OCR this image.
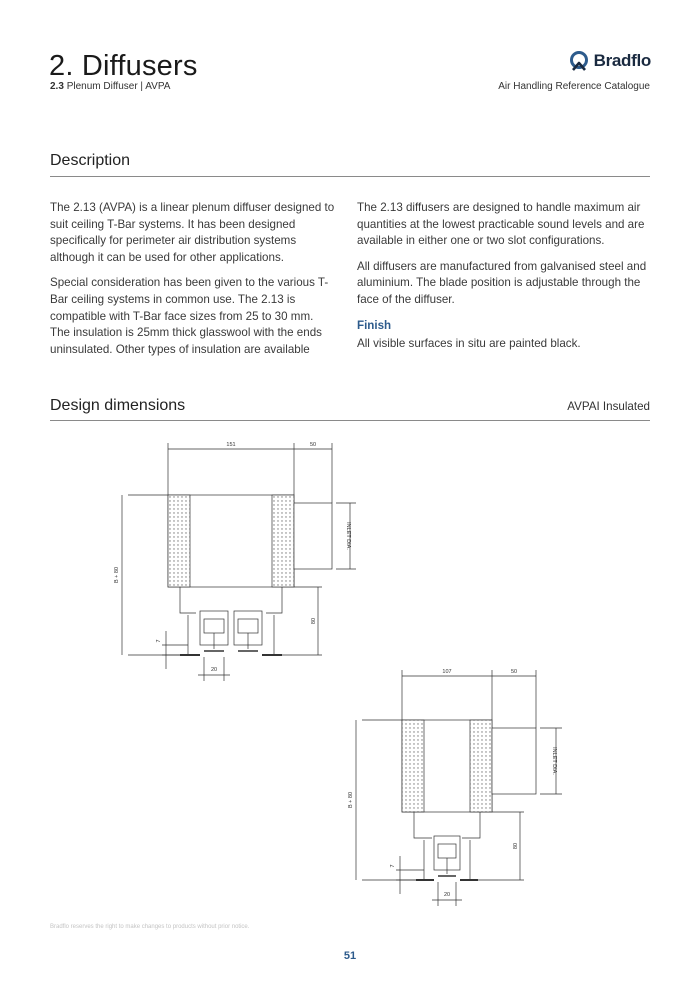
2. Diffusers
2.3 Plenum Diffuser | AVPA
Bradflo
Air Handling Reference Catalogue
Description

The 2.13 (AVPA) is a linear plenum diffuser designed to suit ceiling T-Bar systems. It has been designed specifically for perimeter air distribution systems although it can be used for other applications.

Special consideration has been given to the various T-Bar ceiling systems in common use. The 2.13 is compatible with T-Bar face sizes from 25 to 30 mm. The insulation is 25mm thick glasswool with the ends uninsulated. Other types of insulation are available

The 2.13 diffusers are designed to handle maximum air quantities at the lowest practicable sound levels and are available in either one or two slot configurations.

All diffusers are manufactured from galvanised steel and aluminium. The blade position is adjustable through the face of the diffuser.

Finish

All visible surfaces in situ are painted black.

Design dimensions	AVPAI Insulated
151	50
B + 80
INLET DIA.
80
7
20	107	50
B + 80
INLET DIA.
80
7
20
Bradflo reserves the right to make changes to products without prior notice.
51
